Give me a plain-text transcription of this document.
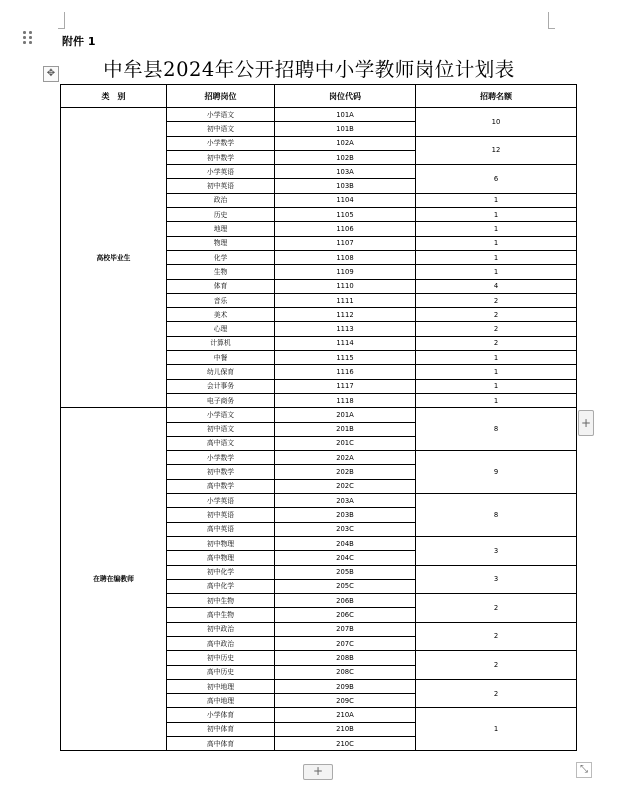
附件 1
✥	中牟县2024年公开招聘中小学教师岗位计划表
类　别	招聘岗位	岗位代码	招聘名额
高校毕业生	小学语文	101A	10
	初中语文	101B	
	小学数学	102A	12
	初中数学	102B	
	小学英语	103A	6
	初中英语	103B	
	政治	1104	1
	历史	1105	1
	地理	1106	1
	物理	1107	1
	化学	1108	1
	生物	1109	1
	体育	1110	4
	音乐	1111	2
	美术	1112	2
	心理	1113	2
	计算机	1114	2
	中餐	1115	1
	幼儿保育	1116	1
	会计事务	1117	1
	电子商务	1118	1
在聘在编教师	小学语文	201A	8
	初中语文	201B	
	高中语文	201C	
	小学数学	202A	9
	初中数学	202B	
	高中数学	202C	
	小学英语	203A	8
	初中英语	203B	
	高中英语	203C	
	初中物理	204B	3
	高中物理	204C	
	初中化学	205B	3
	高中化学	205C	
	初中生物	206B	2
	高中生物	206C	
	初中政治	207B	2
	高中政治	207C	
	初中历史	208B	2
	高中历史	208C	
	初中地理	209B	2
	高中地理	209C	
	小学体育	210A	1
	初中体育	210B	
	高中体育	210C	
+
+	⤡
